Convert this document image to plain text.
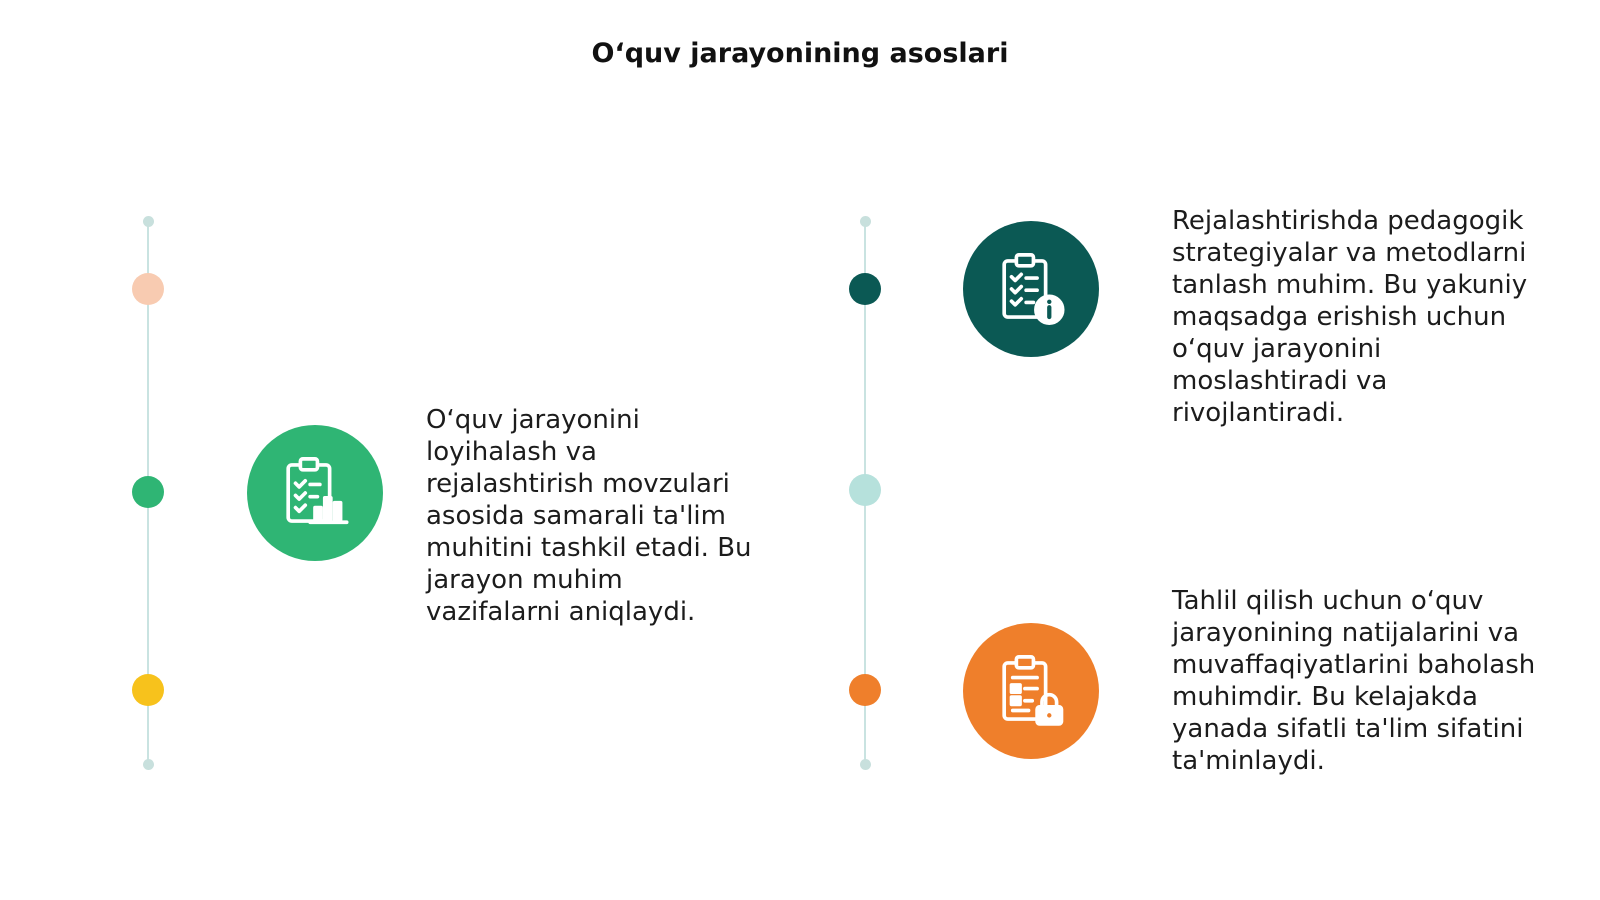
O‘quv jarayonining asoslari
O‘quv jarayonini loyihalash va rejalashtirish movzulari asosida samarali ta'lim muhitini tashkil etadi. Bu jarayon muhim vazifalarni aniqlaydi.
Rejalashtirishda pedagogik strategiyalar va metodlarni tanlash muhim. Bu yakuniy maqsadga erishish uchun o‘quv jarayonini moslashtiradi va rivojlantiradi.
Tahlil qilish uchun o‘quv jarayonining natijalarini va muvaffaqiyatlarini baholash muhimdir. Bu kelajakda yanada sifatli ta'lim sifatini ta'minlaydi.
